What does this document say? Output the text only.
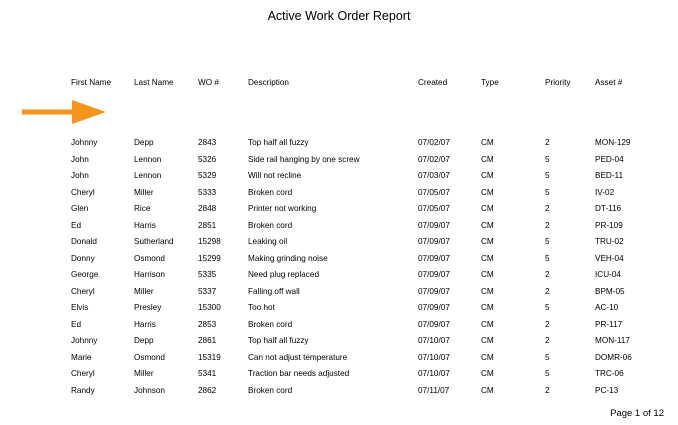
Active Work Order Report
First Name	Last Name	WO #	Description	Created	Type	Priority	Asset #
Johnny	Depp	2843	Top half all fuzzy	07/02/07	CM	2	MON-129
John	Lennon	5326	Side rail hanging by one screw	07/02/07	CM	5	PED-04
John	Lennon	5329	Will not recline	07/03/07	CM	5	BED-11
Cheryl	Miller	5333	Broken cord	07/05/07	CM	5	IV-02
Glen	Rice	2848	Printer not working	07/05/07	CM	2	DT-116
Ed	Harris	2851	Broken cord	07/09/07	CM	2	PR-109
Donald	Sutherland	15298	Leaking oil	07/09/07	CM	5	TRU-02
Donny	Osmond	15299	Making grinding noise	07/09/07	CM	5	VEH-04
George	Harrison	5335	Need plug replaced	07/09/07	CM	2	ICU-04
Cheryl	Miller	5337	Falling off wall	07/09/07	CM	2	BPM-05
Elvis	Presley	15300	Too hot	07/09/07	CM	5	AC-10
Ed	Harris	2853	Broken cord	07/09/07	CM	2	PR-117
Johnny	Depp	2861	Top half all fuzzy	07/10/07	CM	2	MON-117
Marie	Osmond	15319	Can not adjust temperature	07/10/07	CM	5	DOMR-06
Cheryl	Miller	5341	Traction bar needs adjusted	07/10/07	CM	5	TRC-06
Randy	Johnson	2862	Broken cord	07/11/07	CM	2	PC-13
Page 1 of 12
